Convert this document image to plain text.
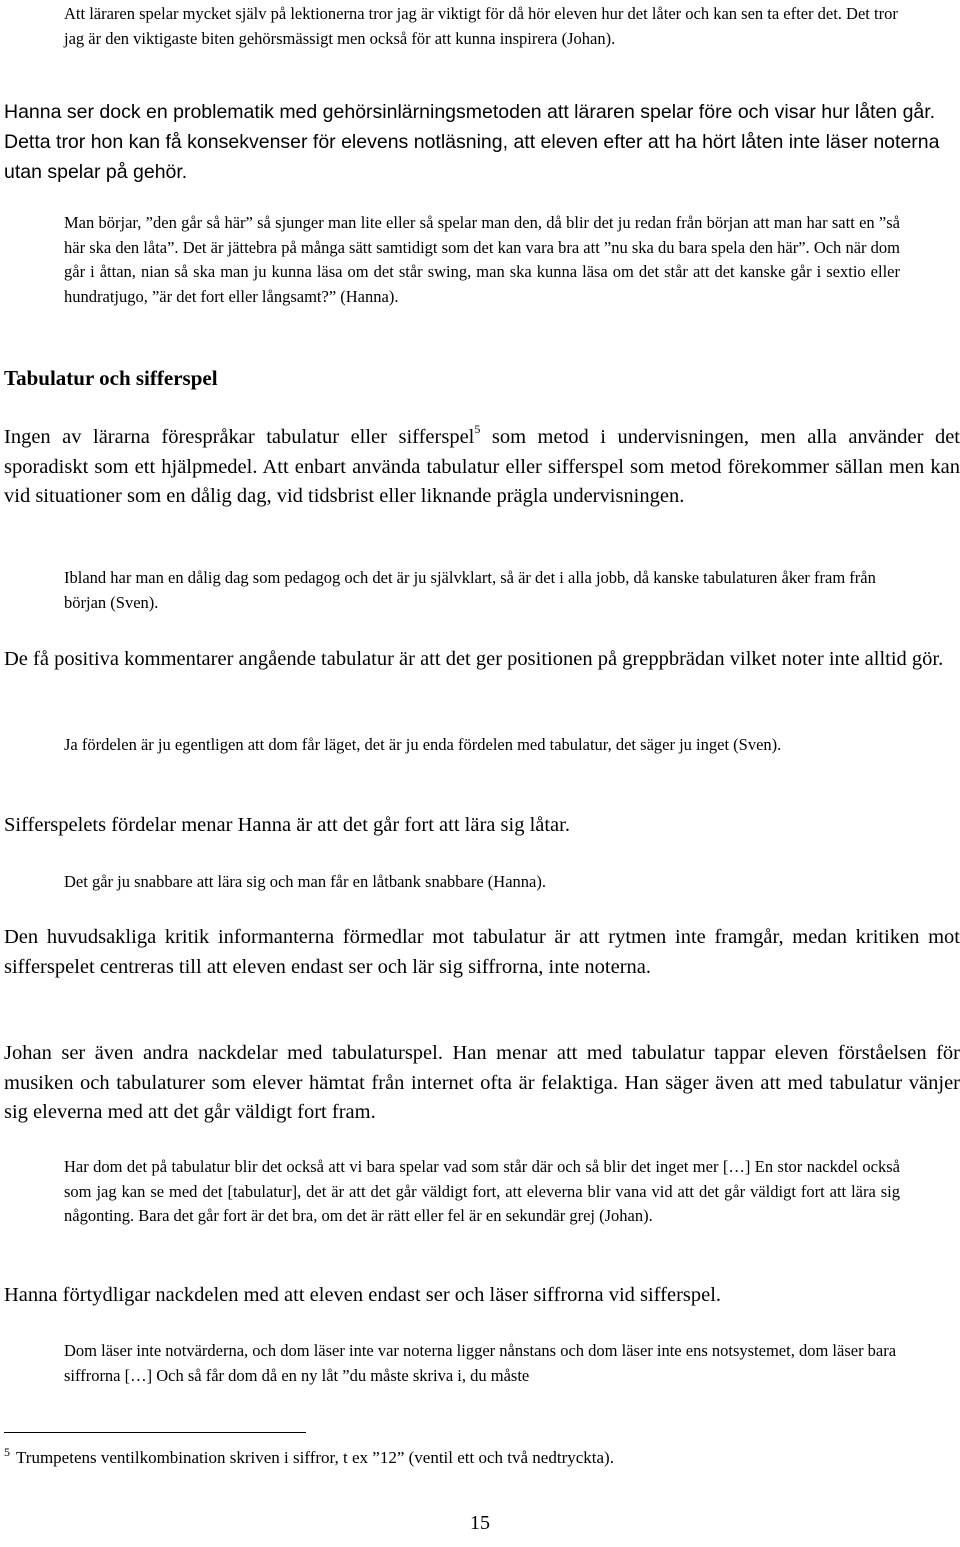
Att läraren spelar mycket själv på lektionerna tror jag är viktigt för då hör eleven hur det låter och kan sen ta efter det. Det tror jag är den viktigaste biten gehörsmässigt men också för att kunna inspirera (Johan).

Hanna ser dock en problematik med gehörsinlärningsmetoden att läraren spelar före och visar hur låten går. Detta tror hon kan få konsekvenser för elevens notläsning, att eleven efter att ha hört låten inte läser noterna utan spelar på gehör.

Man börjar, ”den går så här” så sjunger man lite eller så spelar man den, då blir det ju redan från början att man har satt en ”så här ska den låta”. Det är jättebra på många sätt samtidigt som det kan vara bra att ”nu ska du bara spela den här”. Och när dom går i åttan, nian så ska man ju kunna läsa om det står swing, man ska kunna läsa om det står att det kanske går i sextio eller hundratjugo, ”är det fort eller långsamt?” (Hanna).

Tabulatur och sifferspel

Ingen av lärarna förespråkar tabulatur eller sifferspel$^5$ som metod i undervisningen, men alla använder det sporadiskt som ett hjälpmedel. Att enbart använda tabulatur eller sifferspel som metod förekommer sällan men kan vid situationer som en dålig dag, vid tidsbrist eller liknande prägla undervisningen.

Ibland har man en dålig dag som pedagog och det är ju självklart, så är det i alla jobb, då kanske tabulaturen åker fram från början (Sven).

De få positiva kommentarer angående tabulatur är att det ger positionen på greppbrädan vilket noter inte alltid gör.

Ja fördelen är ju egentligen att dom får läget, det är ju enda fördelen med tabulatur, det säger ju inget (Sven).

Sifferspelets fördelar menar Hanna är att det går fort att lära sig låtar.

Det går ju snabbare att lära sig och man får en låtbank snabbare (Hanna).

Den huvudsakliga kritik informanterna förmedlar mot tabulatur är att rytmen inte framgår, medan kritiken mot sifferspelet centreras till att eleven endast ser och lär sig siffrorna, inte noterna.

Johan ser även andra nackdelar med tabulaturspel. Han menar att med tabulatur tappar eleven förståelsen för musiken och tabulaturer som elever hämtat från internet ofta är felaktiga. Han säger även att med tabulatur vänjer sig eleverna med att det går väldigt fort fram.

Har dom det på tabulatur blir det också att vi bara spelar vad som står där och så blir det inget mer […] En stor nackdel också som jag kan se med det [tabulatur], det är att det går väldigt fort, att eleverna blir vana vid att det går väldigt fort att lära sig någonting. Bara det går fort är det bra, om det är rätt eller fel är en sekundär grej (Johan).

Hanna förtydligar nackdelen med att eleven endast ser och läser siffrorna vid sifferspel.

Dom läser inte notvärderna, och dom läser inte var noterna ligger nånstans och dom läser inte ens notsystemet, dom läser bara siffrorna […] Och så får dom då en ny låt ”du måste skriva i, du måste

$^5$ Trumpetens ventilkombination skriven i siffror, t ex ”12” (ventil ett och två nedtryckta).

15
